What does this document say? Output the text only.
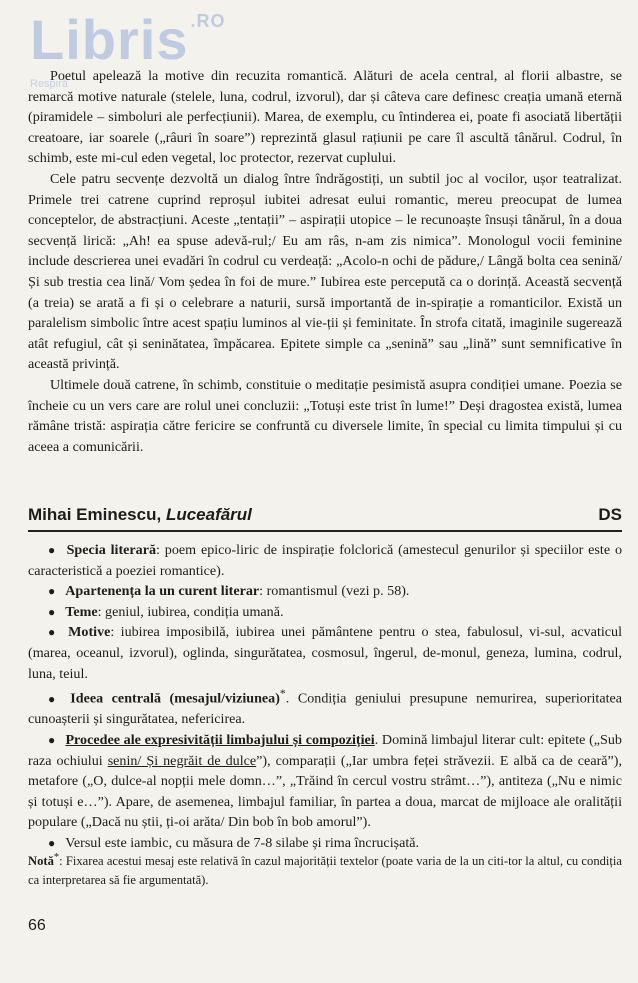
Libris $^{.RO}$
Respiră

Poetul apelează la motive din recuzita romantică. Alături de acela central, al florii albastre, se remarcă motive naturale (stelele, luna, codrul, izvorul), dar și câteva care definesc creația umană eternă (piramidele – simboluri ale perfecțiunii). Marea, de exemplu, cu întinderea ei, poate fi asociată libertății creatoare, iar soarele („râuri în soare”) reprezintă glasul rațiunii pe care îl ascultă tânărul. Codrul, în schimb, este mi-cul eden vegetal, loc protector, rezervat cuplului.

Cele patru secvențe dezvoltă un dialog între îndrăgostiți, un subtil joc al vocilor, ușor teatralizat. Primele trei catrene cuprind reproșul iubitei adresat eului romantic, mereu preocupat de lumea conceptelor, de abstracțiuni. Aceste „tentații” – aspirații utopice – le recunoaște însuși tânărul, în a doua secvență lirică: „Ah! ea spuse adevă-rul;/ Eu am râs, n-am zis nimica”. Monologul vocii feminine include descrierea unei evadări în codrul cu verdeață: „Acolo-n ochi de pădure,/ Lângă bolta cea senină/ Și sub trestia cea lină/ Vom ședea în foi de mure.” Iubirea este percepută ca o dorință. Această secvență (a treia) se arată a fi și o celebrare a naturii, sursă importantă de in-spirație a romanticilor. Există un paralelism simbolic între acest spațiu luminos al vie-ții și feminitate. În strofa citată, imaginile sugerează atât refugiul, cât și seninătatea, împăcarea. Epitete simple ca „senină” sau „lină” sunt semnificative în această privință.

Ultimele două catrene, în schimb, constituie o meditație pesimistă asupra condiției umane. Poezia se încheie cu un vers care are rolul unei concluzii: „Totuși este trist în lume!” Deși dragostea există, lumea rămâne tristă: aspirația către fericire se confruntă cu diversele limite, în special cu limita timpului și cu aceea a comunicării.

Mihai Eminescu, Luceafărul	DS

● Specia literară: poem epico-liric de inspirație folclorică (amestecul genurilor și speciilor este o caracteristică a poeziei romantice).

● Apartenența la un curent literar: romantismul (vezi p. 58).

● Teme: geniul, iubirea, condiția umană.

● Motive: iubirea imposibilă, iubirea unei pământene pentru o stea, fabulosul, vi-sul, acvaticul (marea, oceanul, izvorul), oglinda, singurătatea, cosmosul, îngerul, de-monul, geneza, lumina, codrul, luna, teiul.

● Ideea centrală (mesajul/viziunea)*. Condiția geniului presupune nemurirea, superioritatea cunoașterii și singurătatea, nefericirea.

● Procedee ale expresivității limbajului și compoziției. Domină limbajul literar cult: epitete („Sub raza ochiului senin/ Și negrăit de dulce”), comparații („Iar umbra feței străvezii. E albă ca de ceară”), metafore („O, dulce-al nopții mele domn…”, „Trăind în cercul vostru strâmt…”), antiteza („Nu e nimic și totuși e…”). Apare, de asemenea, limbajul familiar, în partea a doua, marcat de mijloace ale oralității populare („Dacă nu știi, ți-oi arăta/ Din bob în bob amorul”).

● Versul este iambic, cu măsura de 7-8 silabe și rima încrucișată.

Notă*: Fixarea acestui mesaj este relativă în cazul majorității textelor (poate varia de la un citi-tor la altul, cu condiția ca interpretarea să fie argumentată).
66
